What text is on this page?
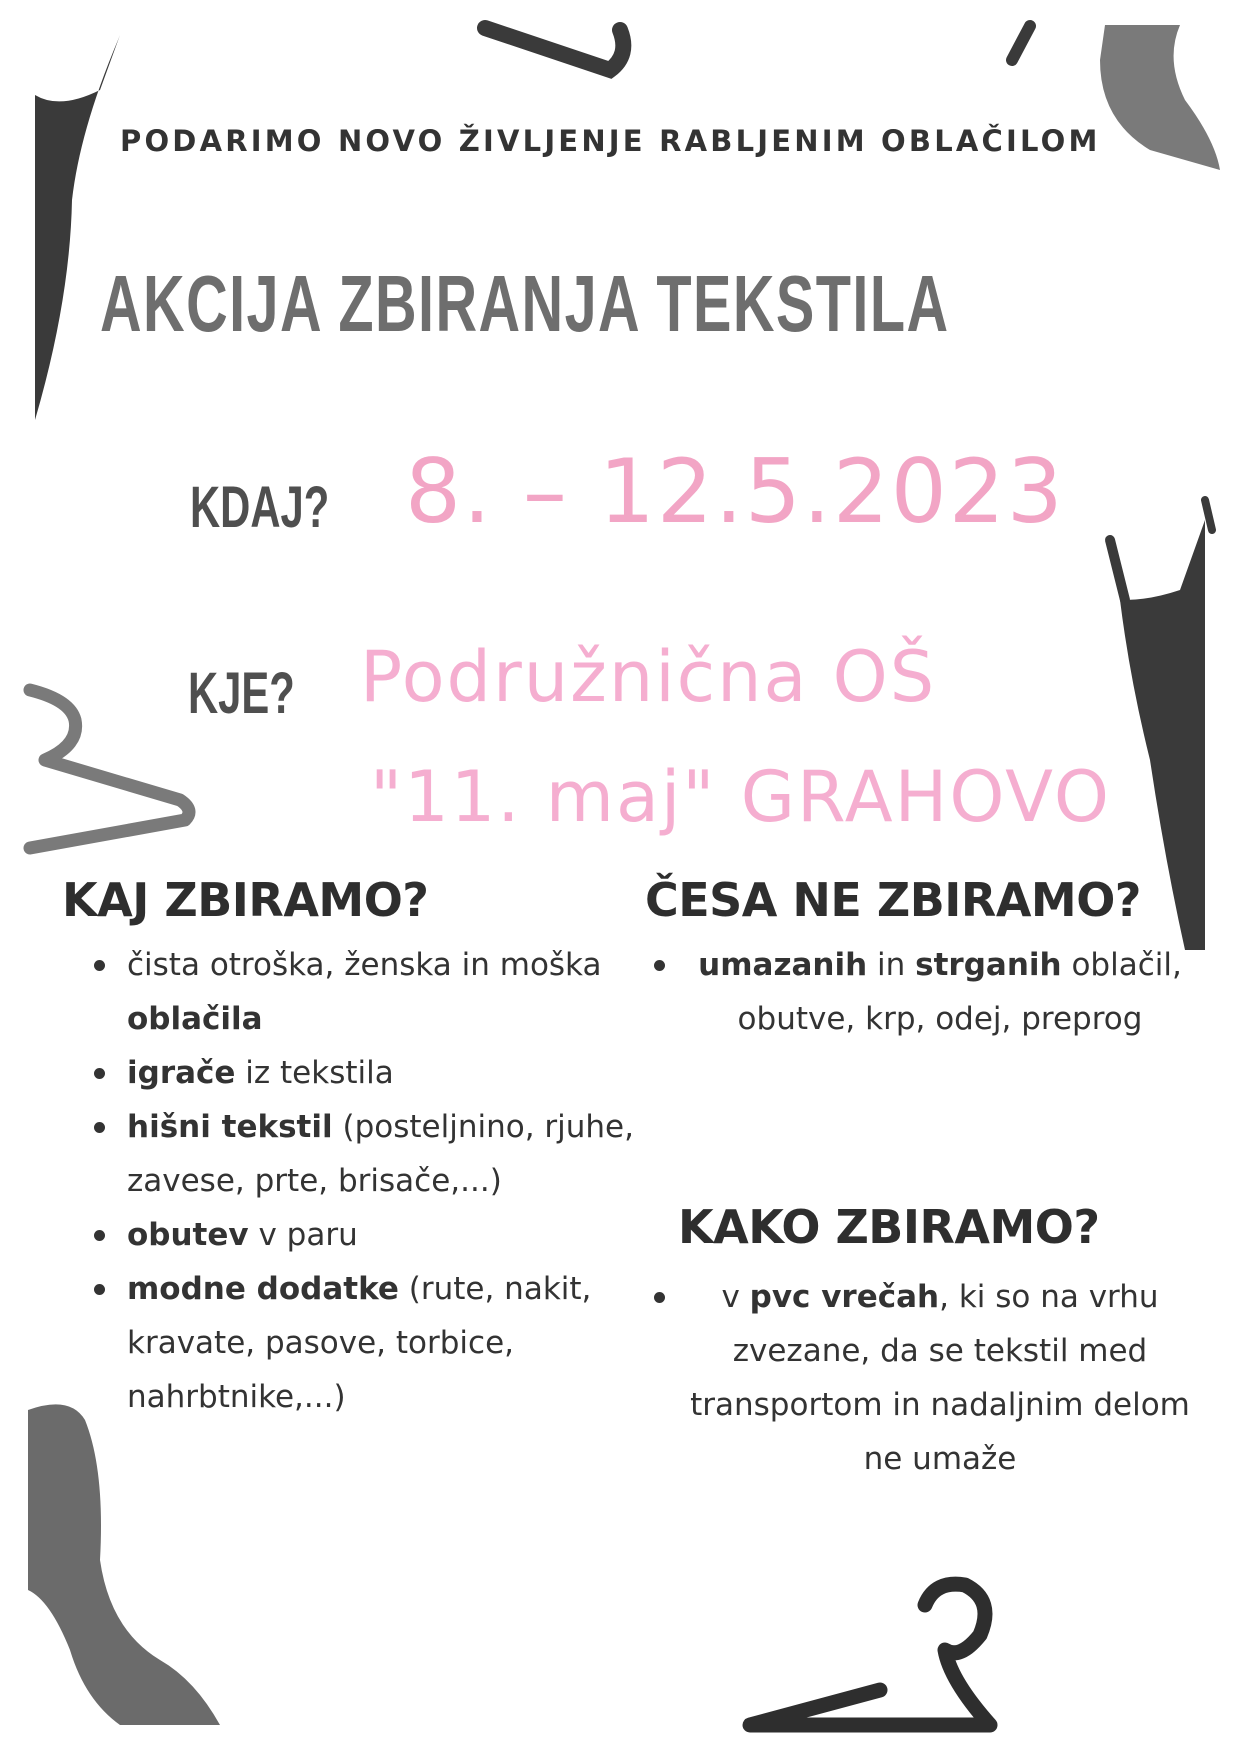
PODARIMO NOVO ŽIVLJENJE RABLJENIM OBLAČILOM
AKCIJA ZBIRANJA TEKSTILA
KDAJ? 8. – 12.5.2023
KJE? Podružnična OŠ
"11. maj" GRAHOVO
KAJ ZBIRAMO?
čista otroška, ženska in moška oblačila
igrače iz tekstila
hišni tekstil (posteljnino, rjuhe, zavese, prte, brisače,...)
obutev v paru
modne dodatke (rute, nakit, kravate, pasove, torbice, nahrbtnike,...)
ČESA NE ZBIRAMO?
umazanih in strganih oblačil, obutve, krp, odej, preprog
KAKO ZBIRAMO?
v pvc vrečah, ki so na vrhu zvezane, da se tekstil med transportom in nadaljnim delom ne umaže
